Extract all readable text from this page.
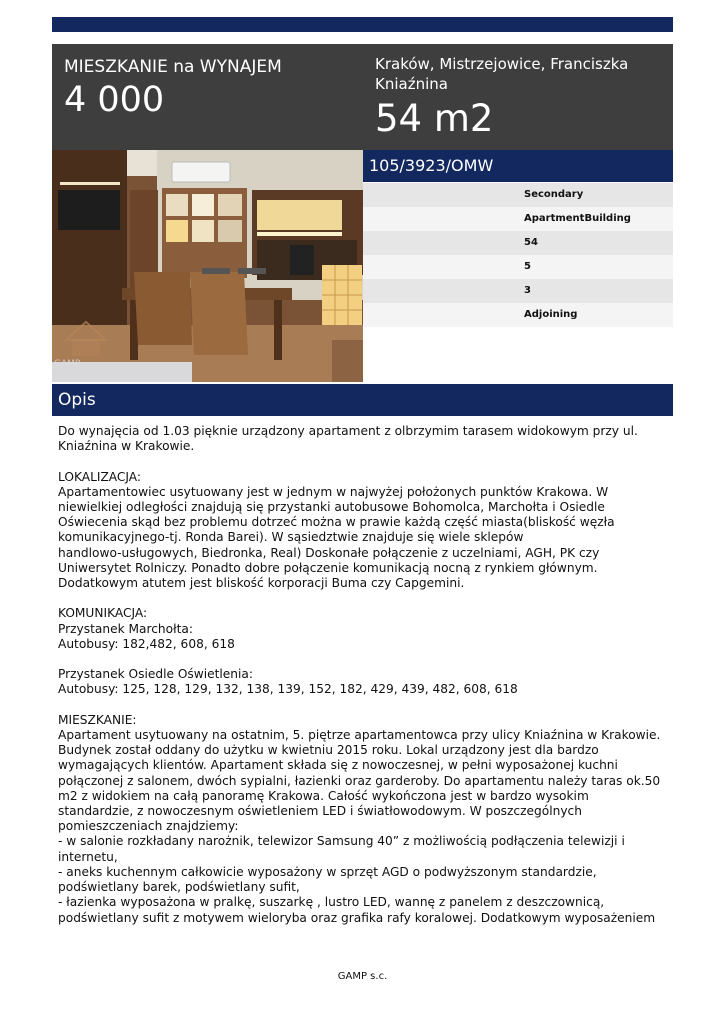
MIESZKANIE na WYNAJEM
4 000
Kraków, Mistrzejowice, Franciszka Kniaźnina
54 m2
GAMP
105/3923/OMW
Secondary
ApartmentBuilding
54
5
3
Adjoining
Opis
Do wynajęcia od 1.03 pięknie urządzony apartament z olbrzymim tarasem widokowym przy ul.
Kniaźnina w Krakowie.

LOKALIZACJA:
Apartamentowiec usytuowany jest w jednym w najwyżej położonych punktów Krakowa. W
niewielkiej odległości znajdują się przystanki autobusowe Bohomolca, Marchołta i Osiedle
Oświecenia skąd bez problemu dotrzeć można w prawie każdą część miasta(bliskość węzła
komunikacyjnego-tj. Ronda Barei). W sąsiedztwie znajduje się wiele sklepów
handlowo-usługowych, Biedronka, Real) Doskonałe połączenie z uczelniami, AGH, PK czy
Uniwersytet Rolniczy. Ponadto dobre połączenie komunikacją nocną z rynkiem głównym.
Dodatkowym atutem jest bliskość korporacji Buma czy Capgemini.

KOMUNIKACJA:
Przystanek Marchołta:
Autobusy: 182,482, 608, 618

Przystanek Osiedle Oświetlenia:
Autobusy: 125, 128, 129, 132, 138, 139, 152, 182, 429, 439, 482, 608, 618

MIESZKANIE:
Apartament usytuowany na ostatnim, 5. piętrze apartamentowca przy ulicy Kniaźnina w Krakowie.
Budynek został oddany do użytku w kwietniu 2015 roku. Lokal urządzony jest dla bardzo
wymagających klientów. Apartament składa się z nowoczesnej, w pełni wyposażonej kuchni
połączonej z salonem, dwóch sypialni, łazienki oraz garderoby. Do apartamentu należy taras ok.50
m2 z widokiem na całą panoramę Krakowa. Całość wykończona jest w bardzo wysokim
standardzie, z nowoczesnym oświetleniem LED i światłowodowym. W poszczególnych
pomieszczeniach znajdziemy:
- w salonie rozkładany narożnik, telewizor Samsung 40” z możliwością podłączenia telewizji i
internetu,
- aneks kuchennym całkowicie wyposażony w sprzęt AGD o podwyższonym standardzie,
podświetlany barek, podświetlany sufit,
- łazienka wyposażona w pralkę, suszarkę , lustro LED, wannę z panelem z deszczownicą,
podświetlany sufit z motywem wieloryba oraz grafika rafy koralowej. Dodatkowym wyposażeniem
GAMP s.c.
